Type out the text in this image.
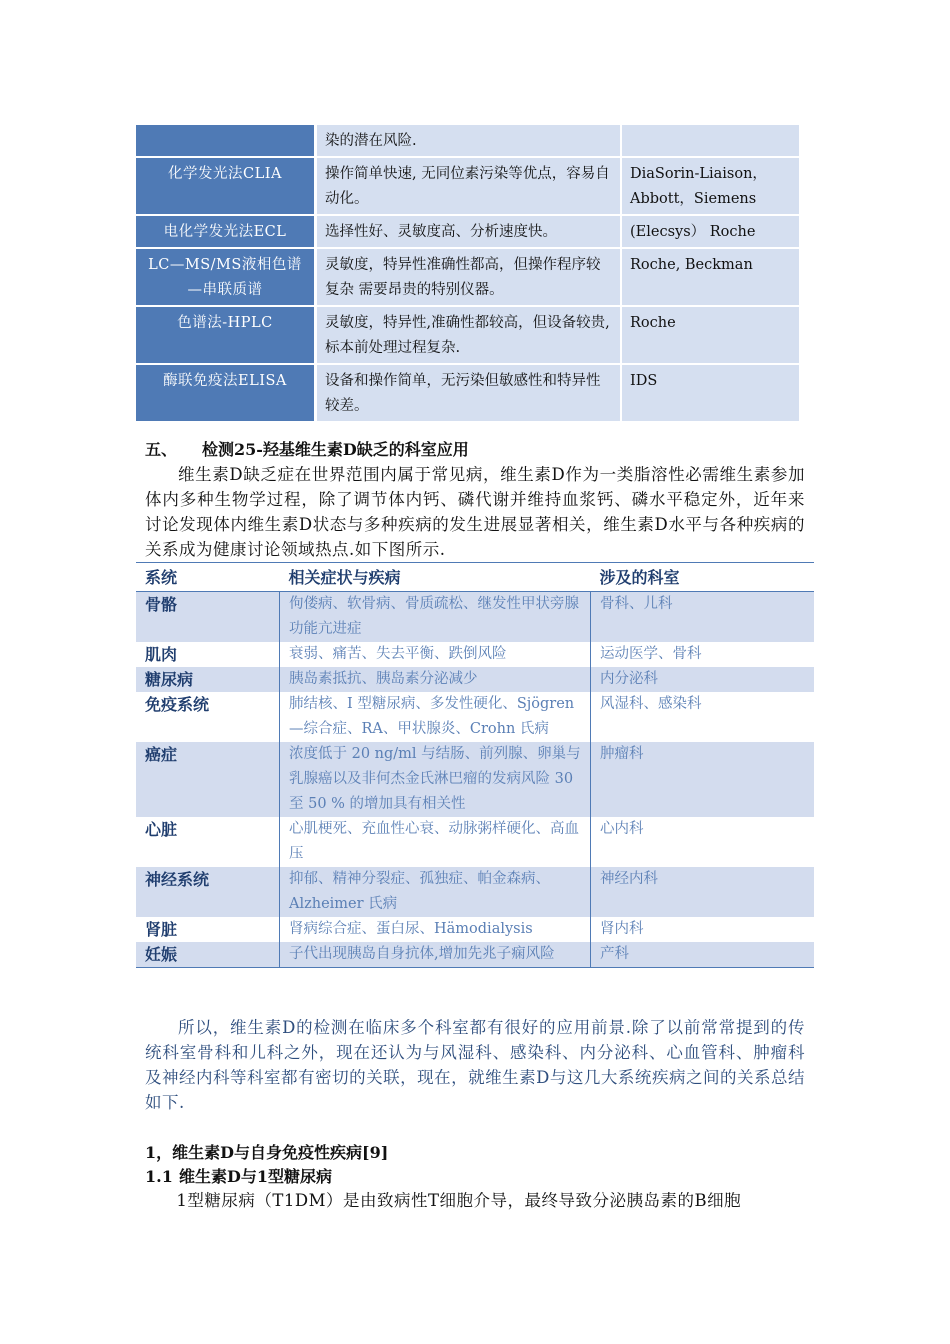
	染的潜在风险.	
化学发光法CLIA	操作简单快速, 无同位素污染等优点，容易自动化。	DiaSorin-Liaison，Abbott，Siemens
电化学发光法ECL	选择性好、灵敏度高、分析速度快。	(Elecsys） Roche
LC—MS/MS液相色谱—串联质谱	灵敏度，特异性准确性都高，但操作程序较复杂 需要昂贵的特别仪器。	Roche, Beckman
色谱法-HPLC	灵敏度，特异性,准确性都较高，但设备较贵,标本前处理过程复杂.	Roche
酶联免疫法ELISA	设备和操作简单，无污染但敏感性和特异性较差。	IDS
五、 检测25-羟基维生素D缺乏的科室应用
维生素D缺乏症在世界范围内属于常见病，维生素D作为一类脂溶性必需维生素参加体内多种生物学过程，除了调节体内钙、磷代谢并维持血浆钙、磷水平稳定外，近年来讨论发现体内维生素D状态与多种疾病的发生进展显著相关，维生素D水平与各种疾病的关系成为健康讨论领域热点.如下图所示.
系统	相关症状与疾病	涉及的科室
骨骼	佝偻病、软骨病、骨质疏松、继发性甲状旁腺功能亢进症	骨科、儿科
肌肉	衰弱、痛苦、失去平衡、跌倒风险	运动医学、骨科
糖尿病	胰岛素抵抗、胰岛素分泌减少	内分泌科
免疫系统	肺结核、I 型糖尿病、多发性硬化、Sjögren—综合症、RA、甲状腺炎、Crohn 氏病	风湿科、感染科
癌症	浓度低于 20 ng/ml 与结肠、前列腺、卵巢与乳腺癌以及非何杰金氏淋巴瘤的发病风险 30 至 50 % 的增加具有相关性	肿瘤科
心脏	心肌梗死、充血性心衰、动脉粥样硬化、高血压	心内科
神经系统	抑郁、精神分裂症、孤独症、帕金森病、Alzheimer 氏病	神经内科
肾脏	肾病综合症、蛋白尿、Hämodialysis	肾内科
妊娠	子代出现胰岛自身抗体,增加先兆子痫风险	产科
所以，维生素D的检测在临床多个科室都有很好的应用前景.除了以前常常提到的传统科室骨科和儿科之外，现在还认为与风湿科、感染科、内分泌科、心血管科、肿瘤科及神经内科等科室都有密切的关联，现在，就维生素D与这几大系统疾病之间的关系总结如下.
1，维生素D与自身免疫性疾病[9]
1.1 维生素D与1型糖尿病
1型糖尿病（T1DM）是由致病性T细胞介导，最终导致分泌胰岛素的B细胞
